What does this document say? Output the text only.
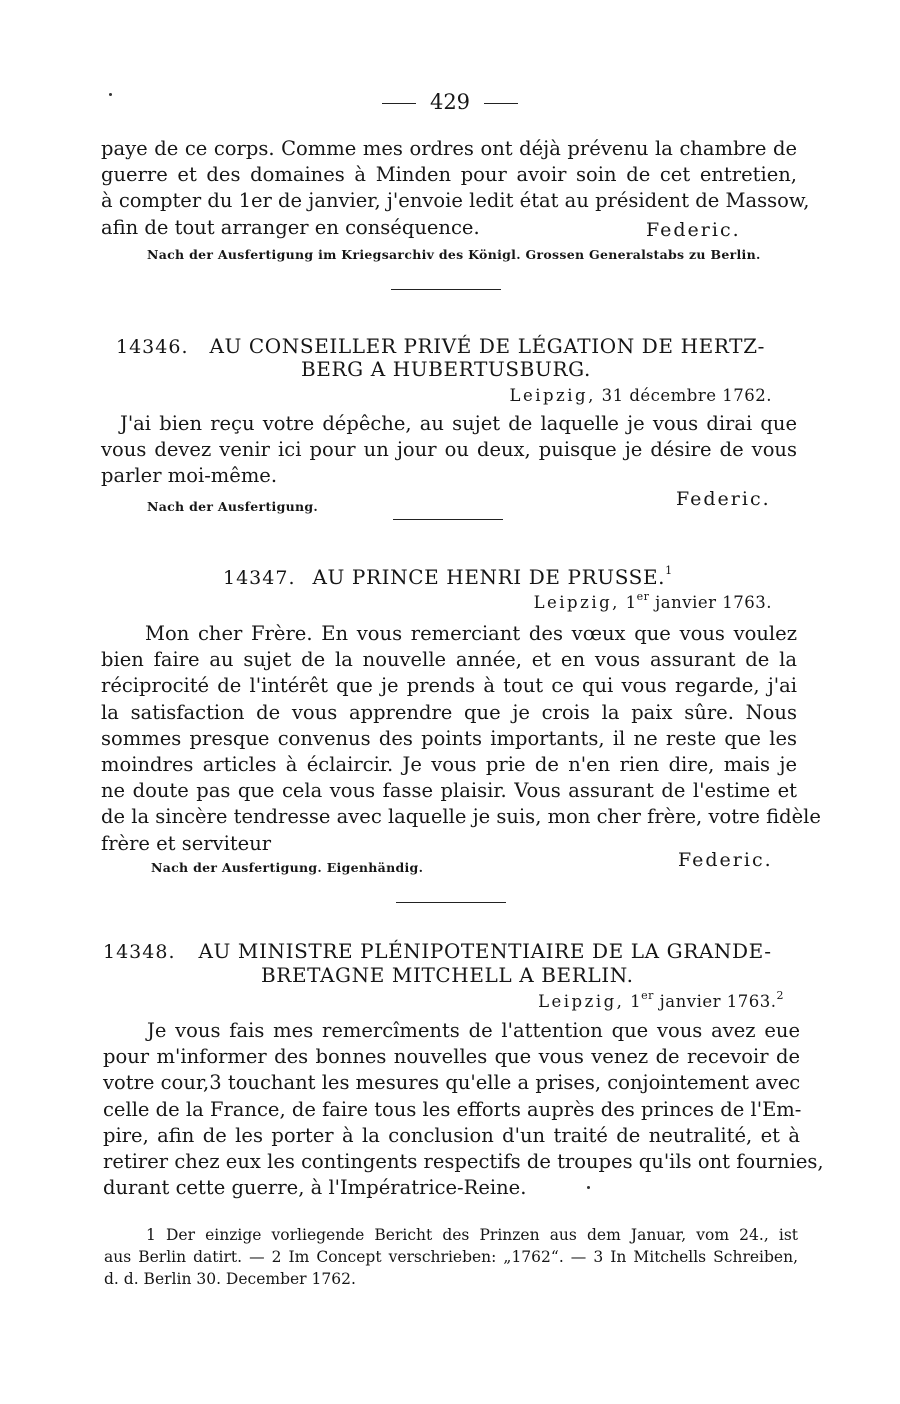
429
paye de ce corps. Comme mes ordres ont déjà prévenu la chambre de
guerre et des domaines à Minden pour avoir soin de cet entretien,
à compter du 1er de janvier, j'envoie ledit état au président de Massow,
afin de tout arranger en conséquence.	Federic.
Nach der Ausfertigung im Kriegsarchiv des Königl. Grossen Generalstabs zu Berlin.
14346. AU CONSEILLER PRIVÉ DE LÉGATION DE HERTZ-
BERG A HUBERTUSBURG.
Leipzig, 31 décembre 1762.
J'ai bien reçu votre dépêche, au sujet de laquelle je vous dirai que
vous devez venir ici pour un jour ou deux, puisque je désire de vous
parler moi-même.
Federic.
Nach der Ausfertigung.
14347. AU PRINCE HENRI DE PRUSSE.$^1$
Leipzig, 1er janvier 1763.
Mon cher Frère. En vous remerciant des vœux que vous voulez
bien faire au sujet de la nouvelle année, et en vous assurant de la
réciprocité de l'intérêt que je prends à tout ce qui vous regarde, j'ai
la satisfaction de vous apprendre que je crois la paix sûre. Nous
sommes presque convenus des points importants, il ne reste que les
moindres articles à éclaircir. Je vous prie de n'en rien dire, mais je
ne doute pas que cela vous fasse plaisir. Vous assurant de l'estime et
de la sincère tendresse avec laquelle je suis, mon cher frère, votre fidèle
frère et serviteur
Federic.
Nach der Ausfertigung. Eigenhändig.
14348. AU MINISTRE PLÉNIPOTENTIAIRE DE LA GRANDE-
BRETAGNE MITCHELL A BERLIN.
Leipzig, 1er janvier 1763.$^2$
Je vous fais mes remercîments de l'attention que vous avez eue
pour m'informer des bonnes nouvelles que vous venez de recevoir de
votre cour,3 touchant les mesures qu'elle a prises, conjointement avec
celle de la France, de faire tous les efforts auprès des princes de l'Em-
pire, afin de les porter à la conclusion d'un traité de neutralité, et à
retirer chez eux les contingents respectifs de troupes qu'ils ont fournies,
durant cette guerre, à l'Impératrice-Reine.
1 Der einzige vorliegende Bericht des Prinzen aus dem Januar, vom 24., ist
aus Berlin datirt. — 2 Im Concept verschrieben: „1762“. — 3 In Mitchells Schreiben,
d. d. Berlin 30. December 1762.
